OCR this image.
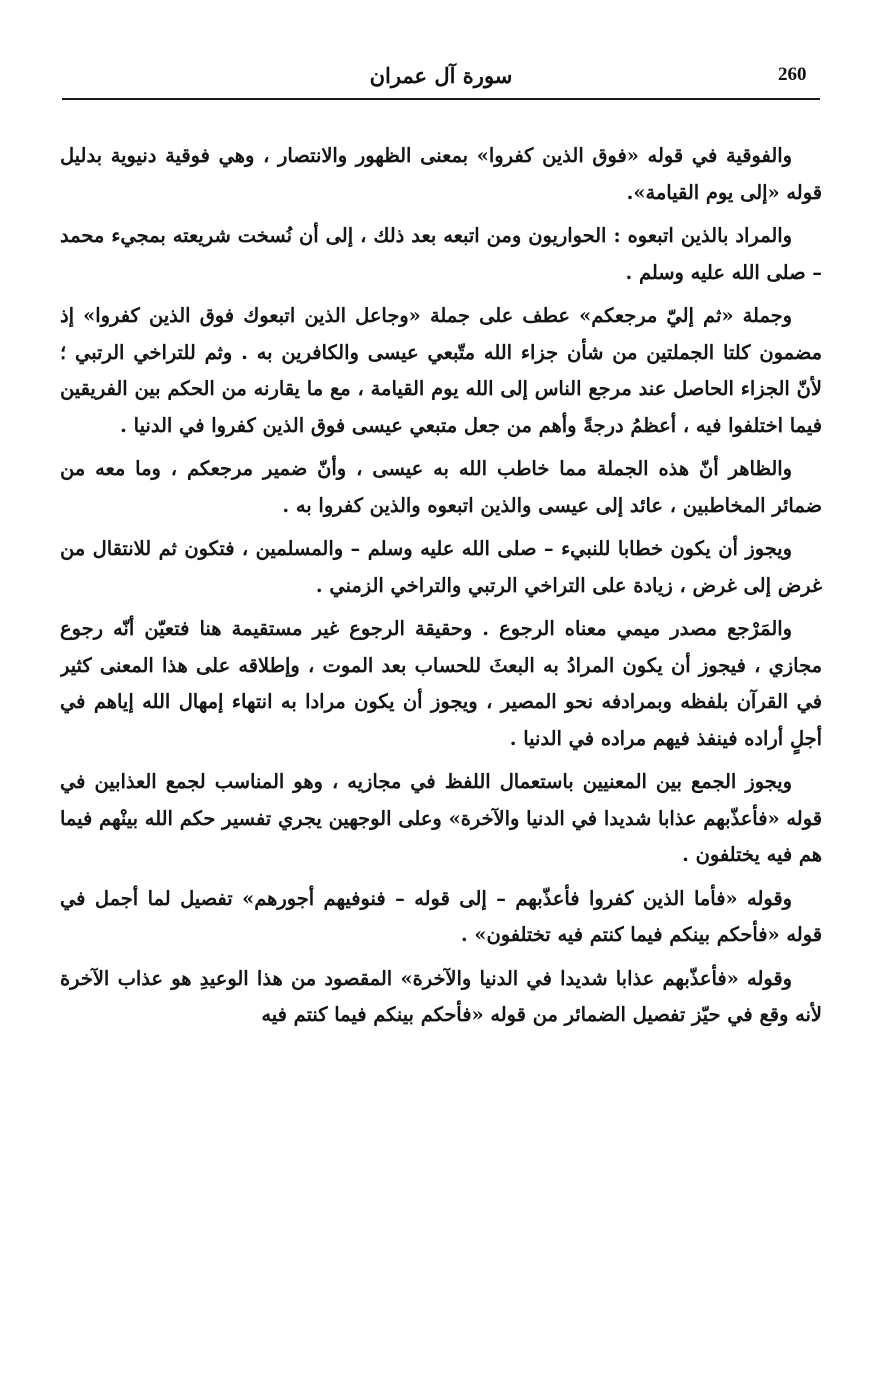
260
سورة آل عمران

والفوقية في قوله «فوق الذين كفروا» بمعنى الظهور والانتصار ، وهي فوقية دنيوية بدليل قوله «إلى يوم القيامة».

والمراد بالذين اتبعوه : الحواريون ومن اتبعه بعد ذلك ، إلى أن نُسخت شريعته بمجيء محمد – صلى الله عليه وسلم .

وجملة «ثم إليّ مرجعكم» عطف على جملة «وجاعل الذين اتبعوك فوق الذين كفروا» إذ مضمون كلتا الجملتين من شأن جزاء الله متّبعي عيسى والكافرين به . وثم للتراخي الرتبي ؛ لأنّ الجزاء الحاصل عند مرجع الناس إلى الله يوم القيامة ، مع ما يقارنه من الحكم بين الفريقين فيما اختلفوا فيه ، أعظمُ درجةً وأهم من جعل متبعي عيسى فوق الذين كفروا في الدنيا .

والظاهر أنّ هذه الجملة مما خاطب الله به عيسى ، وأنّ ضمير مرجعكم ، وما معه من ضمائر المخاطبين ، عائد إلى عيسى والذين اتبعوه والذين كفروا به .

ويجوز أن يكون خطابا للنبيء – صلى الله عليه وسلم – والمسلمين ، فتكون ثم للانتقال من غرض إلى غرض ، زيادة على التراخي الرتبي والتراخي الزمني .

والمَرْجع مصدر ميمي معناه الرجوع . وحقيقة الرجوع غير مستقيمة هنا فتعيّن أنّه رجوع مجازي ، فيجوز أن يكون المرادُ به البعثَ للحساب بعد الموت ، وإطلاقه على هذا المعنى كثير في القرآن بلفظه وبمرادفه نحو المصير ، ويجوز أن يكون مرادا به انتهاء إمهال الله إياهم في أجلٍ أراده فينفذ فيهم مراده في الدنيا .

ويجوز الجمع بين المعنيين باستعمال اللفظ في مجازيه ، وهو المناسب لجمع العذابين في قوله «فأعذّبهم عذابا شديدا في الدنيا والآخرة» وعلى الوجهين يجري تفسير حكم الله بينْهم فيما هم فيه يختلفون .

وقوله «فأما الذين كفروا فأعذّبهم – إلى قوله – فنوفيهم أجورهم» تفصيل لما أجمل في قوله «فأحكم بينكم فيما كنتم فيه تختلفون» .

وقوله «فأعذّبهم عذابا شديدا في الدنيا والآخرة» المقصود من هذا الوعيدِ هو عذاب الآخرة لأنه وقع في حيّز تفصيل الضمائر من قوله «فأحكم بينكم فيما كنتم فيه
